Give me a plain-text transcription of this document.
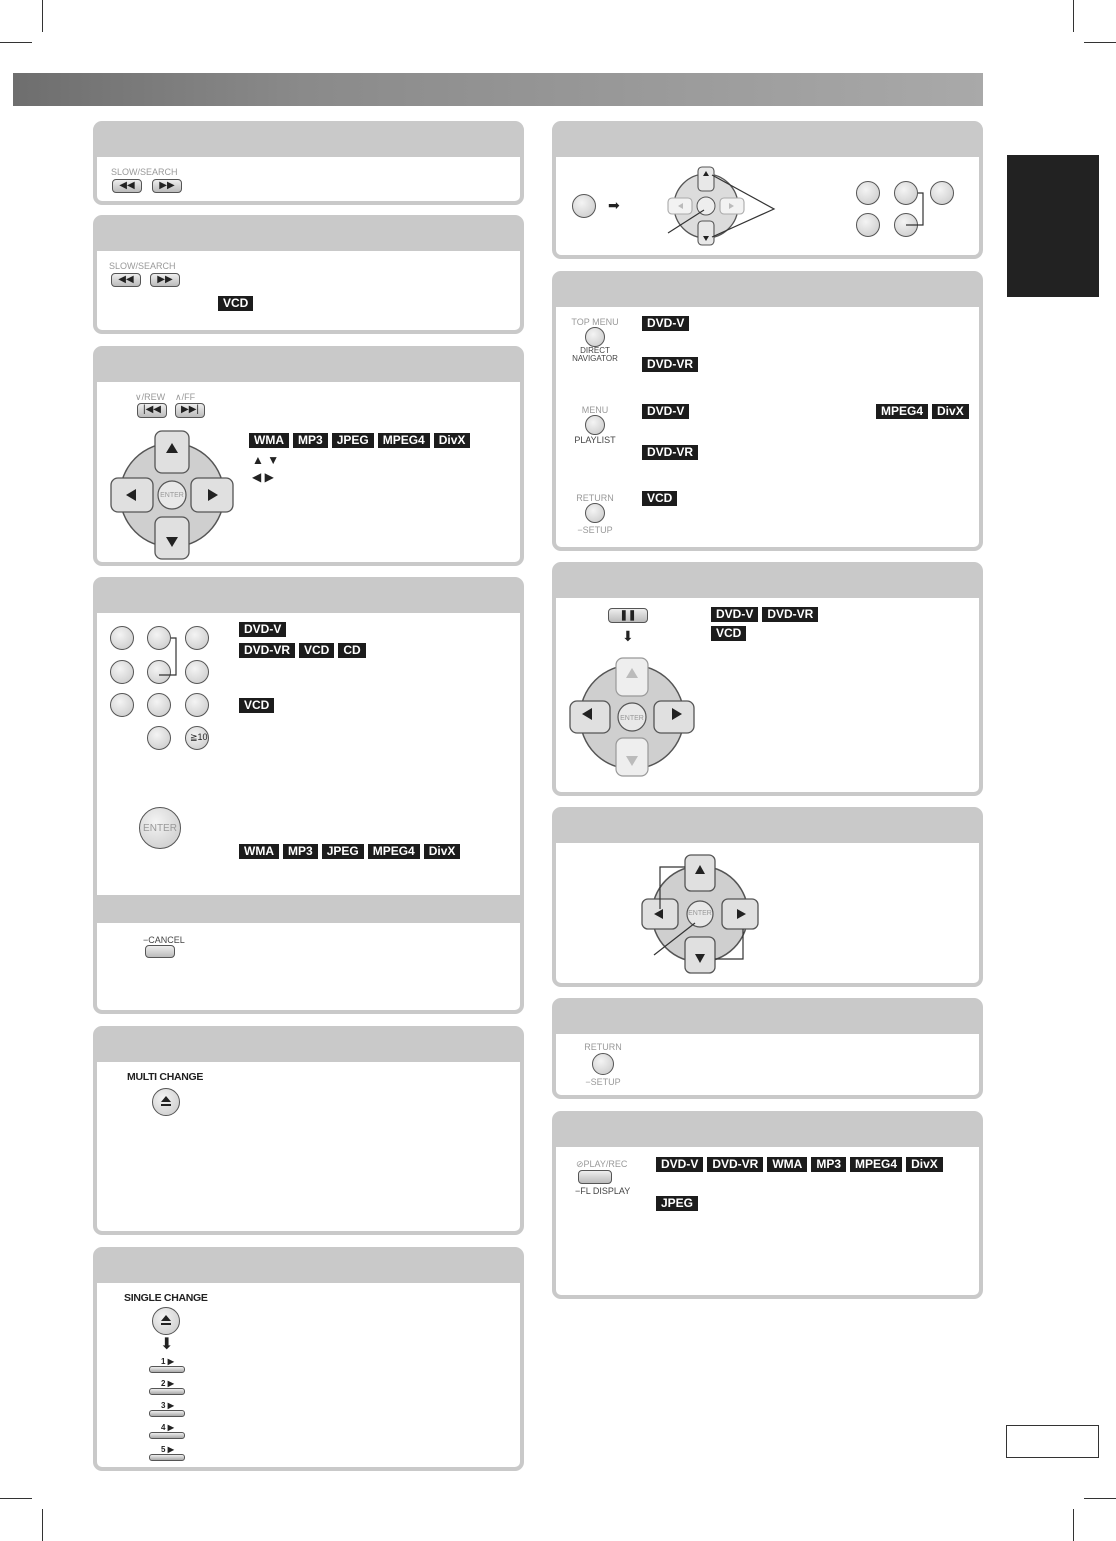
SLOW/SEARCH
◀◀	▶▶
SLOW/SEARCH
◀◀	▶▶
VCD
∨/REW ∧/FF
|◀◀	▶▶|
ENTER
WMA	MP3	JPEG	MPEG4	DivX
▲ ▼
◀ ▶
≧10
ENTER
DVD-V
DVD-VR	VCD	CD
VCD
WMA	MP3	JPEG	MPEG4	DivX
−CANCEL
MULTI CHANGE
SINGLE CHANGE
⬇
1 ▶
2 ▶
3 ▶
4 ▶
5 ▶
➡
TOP MENU
DIRECT NAVIGATOR
MENU
PLAYLIST
RETURN
−SETUP
DVD-V
DVD-VR
DVD-V	MPEG4	DivX
DVD-VR
VCD
❚❚
⬇
ENTER
DVD-V	DVD-VR
VCD
ENTER
RETURN
−SETUP
⊘PLAY/REC
−FL DISPLAY
DVD-V	DVD-VR	WMA	MP3	MPEG4	DivX
JPEG
